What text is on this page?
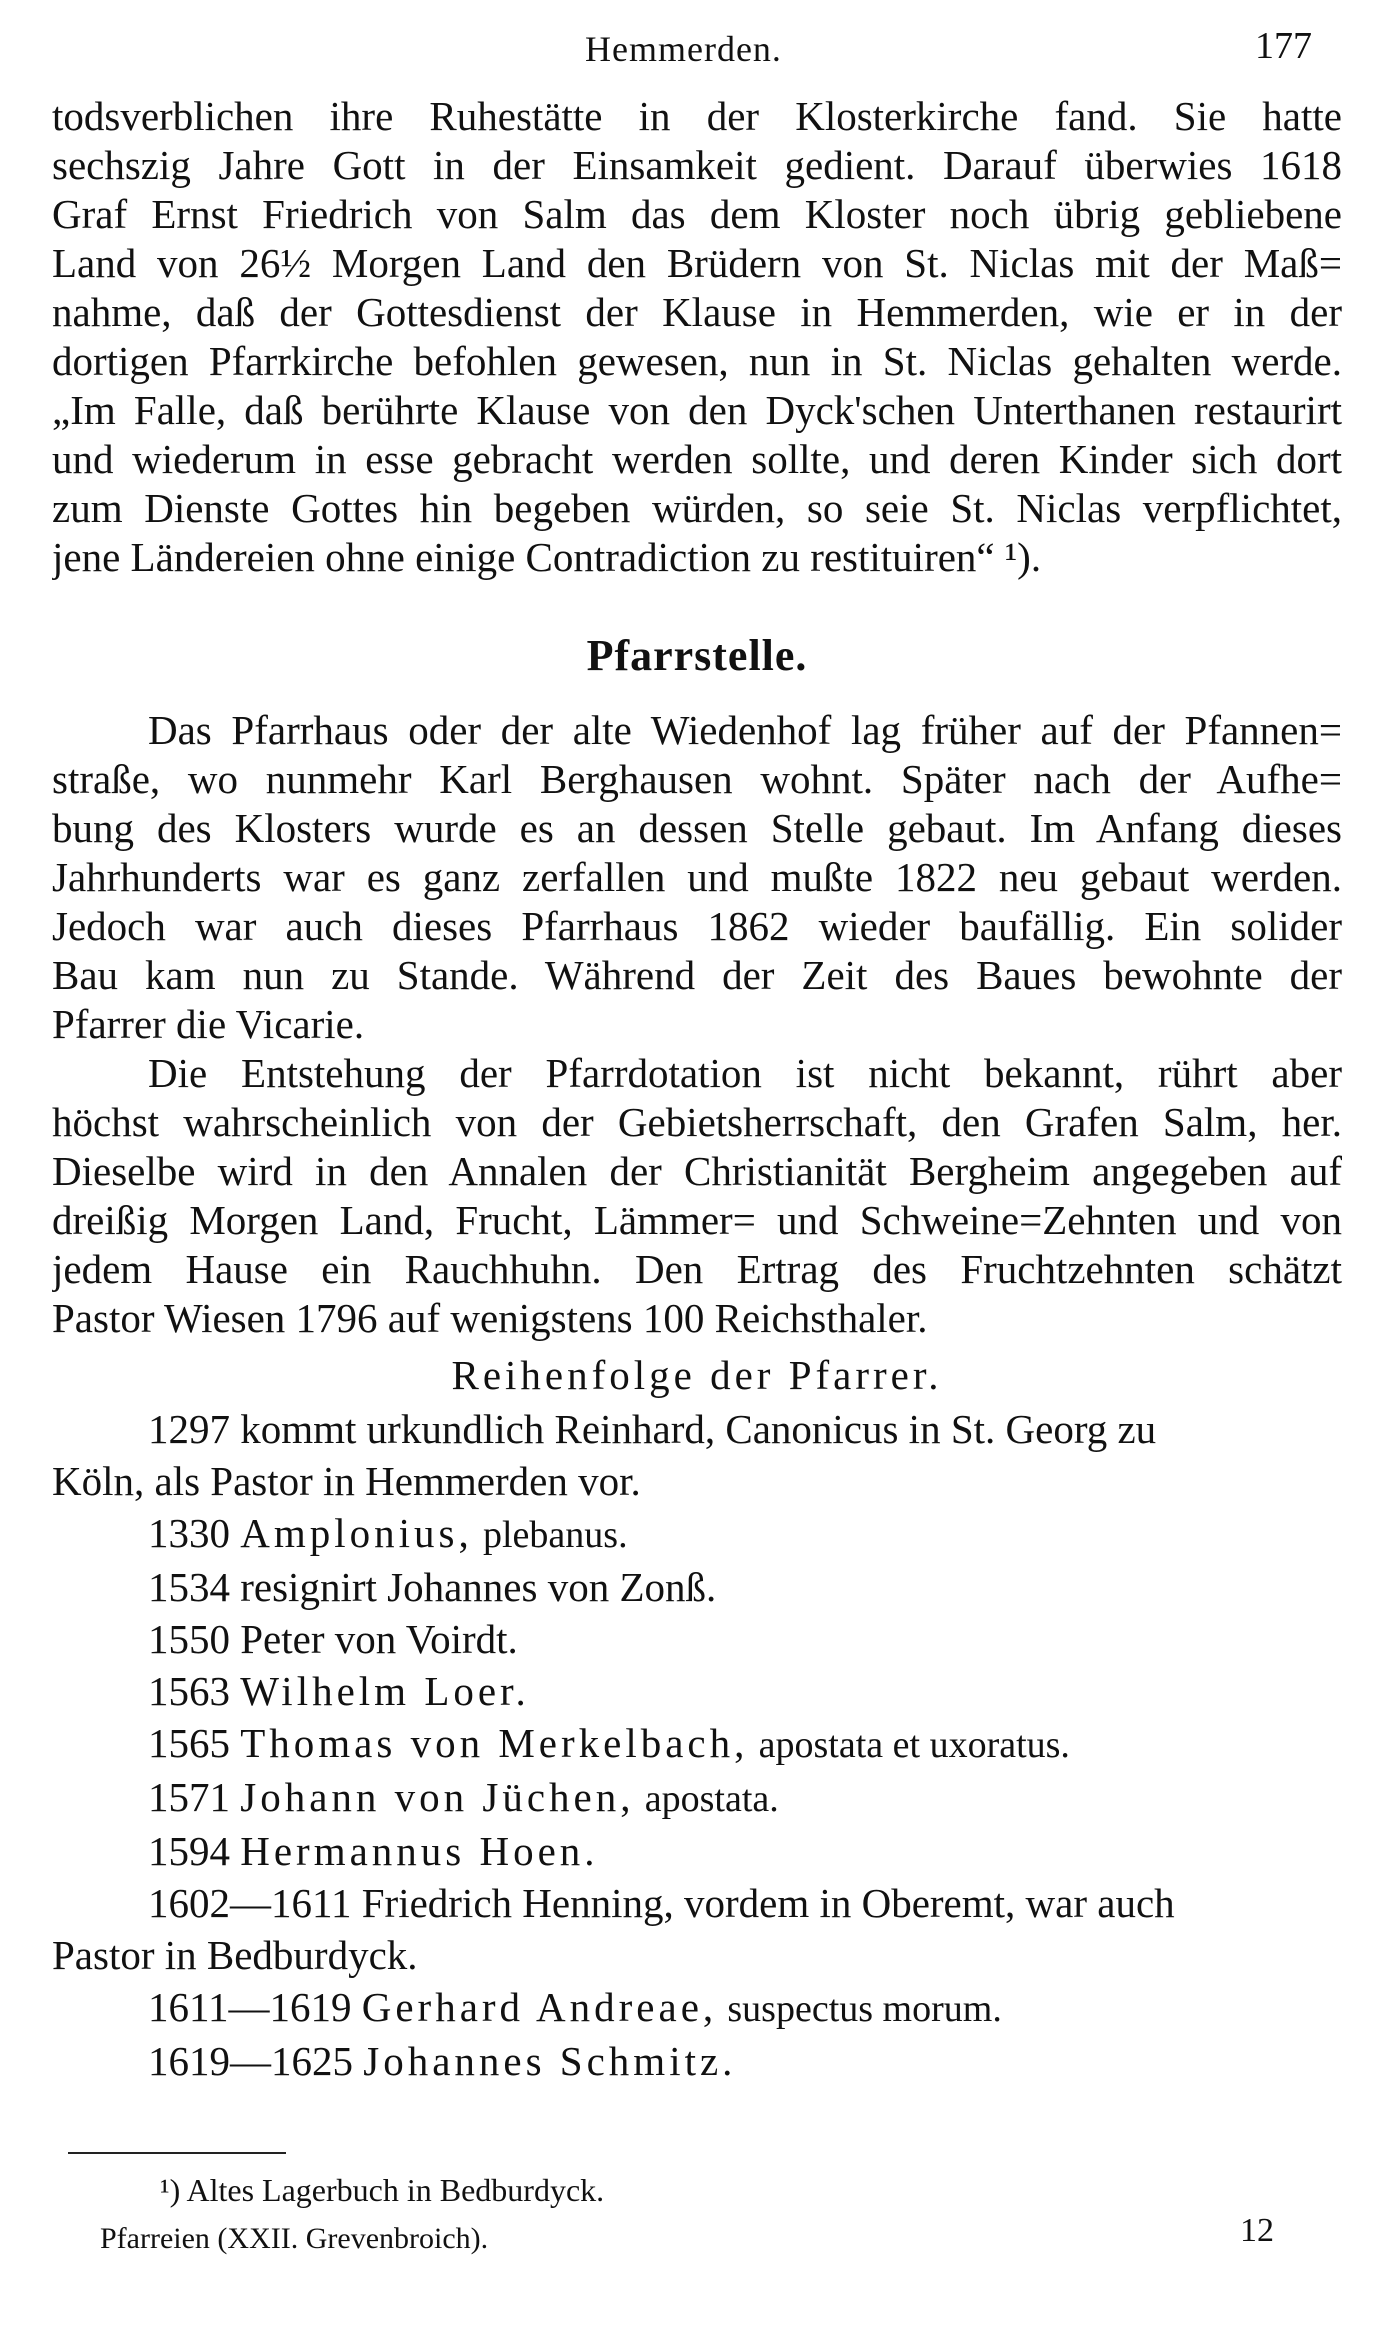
Hemmerden.	177
todsverblichen ihre Ruhestätte in der Klosterkirche fand. Sie hatte
sechszig Jahre Gott in der Einsamkeit gedient. Darauf überwies 1618
Graf Ernst Friedrich von Salm das dem Kloster noch übrig gebliebene
Land von 26½ Morgen Land den Brüdern von St. Niclas mit der Maß=
nahme, daß der Gottesdienst der Klause in Hemmerden, wie er in der
dortigen Pfarrkirche befohlen gewesen, nun in St. Niclas gehalten werde.
„Im Falle, daß berührte Klause von den Dyck'schen Unterthanen restaurirt
und wiederum in esse gebracht werden sollte, und deren Kinder sich dort
zum Dienste Gottes hin begeben würden, so seie St. Niclas verpflichtet,
jene Ländereien ohne einige Contradiction zu restituiren“ ¹).
Pfarrstelle.
Das Pfarrhaus oder der alte Wiedenhof lag früher auf der Pfannen=
straße, wo nunmehr Karl Berghausen wohnt. Später nach der Aufhe=
bung des Klosters wurde es an dessen Stelle gebaut. Im Anfang dieses
Jahrhunderts war es ganz zerfallen und mußte 1822 neu gebaut werden.
Jedoch war auch dieses Pfarrhaus 1862 wieder baufällig. Ein solider
Bau kam nun zu Stande. Während der Zeit des Baues bewohnte der
Pfarrer die Vicarie.
Die Entstehung der Pfarrdotation ist nicht bekannt, rührt aber
höchst wahrscheinlich von der Gebietsherrschaft, den Grafen Salm, her.
Dieselbe wird in den Annalen der Christianität Bergheim angegeben auf
dreißig Morgen Land, Frucht, Lämmer= und Schweine=Zehnten und von
jedem Hause ein Rauchhuhn. Den Ertrag des Fruchtzehnten schätzt
Pastor Wiesen 1796 auf wenigstens 100 Reichsthaler.
Reihenfolge der Pfarrer.
1297 kommt urkundlich Reinhard, Canonicus in St. Georg zu
Köln, als Pastor in Hemmerden vor.
1330 Amplonius, plebanus.
1534 resignirt Johannes von Zonß.
1550 Peter von Voirdt.
1563 Wilhelm Loer.
1565 Thomas von Merkelbach, apostata et uxoratus.
1571 Johann von Jüchen, apostata.
1594 Hermannus Hoen.
1602—1611 Friedrich Henning, vordem in Oberemt, war auch
Pastor in Bedburdyck.
1611—1619 Gerhard Andreae, suspectus morum.
1619—1625 Johannes Schmitz.
¹) Altes Lagerbuch in Bedburdyck.
Pfarreien (XXII. Grevenbroich).	12
